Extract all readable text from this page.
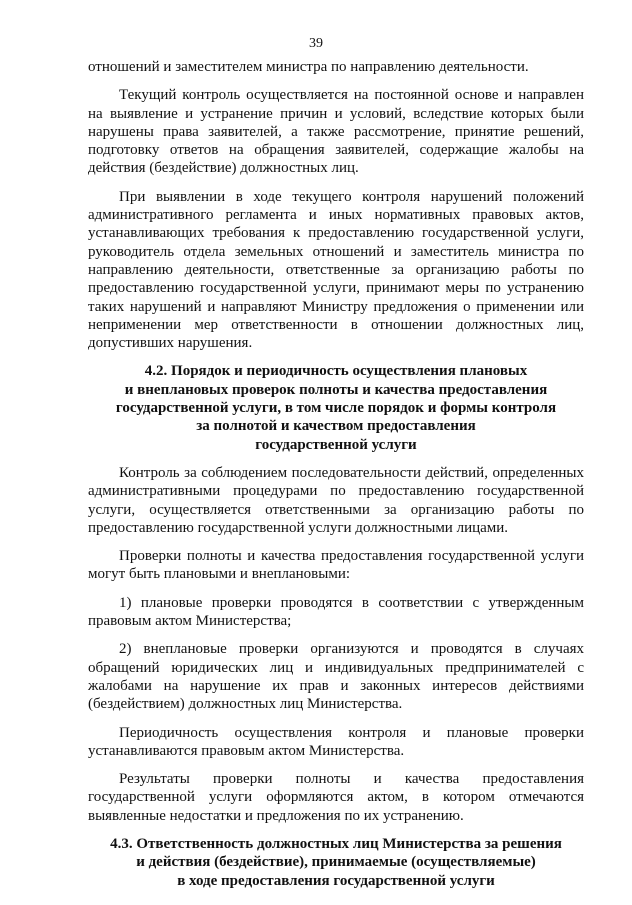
39

отношений и заместителем министра по направлению деятельности.

Текущий контроль осуществляется на постоянной основе и направлен на выявление и устранение причин и условий, вследствие которых были нарушены права заявителей, а также рассмотрение, принятие решений, подготовку ответов на обращения заявителей, содержащие жалобы на действия (бездействие) должностных лиц.

При выявлении в ходе текущего контроля нарушений положений административного регламента и иных нормативных правовых актов, устанавливающих требования к предоставлению государственной услуги, руководитель отдела земельных отношений и заместитель министра по направлению деятельности, ответственные за организацию работы по предоставлению государственной услуги, принимают меры по устранению таких нарушений и направляют Министру предложения о применении или неприменении мер ответственности в отношении должностных лиц, допустивших нарушения.

4.2. Порядок и периодичность осуществления плановых
и внеплановых проверок полноты и качества предоставления
государственной услуги, в том числе порядок и формы контроля
за полнотой и качеством предоставления
государственной услуги

Контроль за соблюдением последовательности действий, определенных административными процедурами по предоставлению государственной услуги, осуществляется ответственными за организацию работы по предоставлению государственной услуги должностными лицами.

Проверки полноты и качества предоставления государственной услуги могут быть плановыми и внеплановыми:

1) плановые проверки проводятся в соответствии с утвержденным правовым актом Министерства;

2) внеплановые проверки организуются и проводятся в случаях обращений юридических лиц и индивидуальных предпринимателей с жалобами на нарушение их прав и законных интересов действиями (бездействием) должностных лиц Министерства.

Периодичность осуществления контроля и плановые проверки устанавливаются правовым актом Министерства.

Результаты проверки полноты и качества предоставления государственной услуги оформляются актом, в котором отмечаются выявленные недостатки и предложения по их устранению.

4.3. Ответственность должностных лиц Министерства за решения
и действия (бездействие), принимаемые (осуществляемые)
в ходе предоставления государственной услуги
